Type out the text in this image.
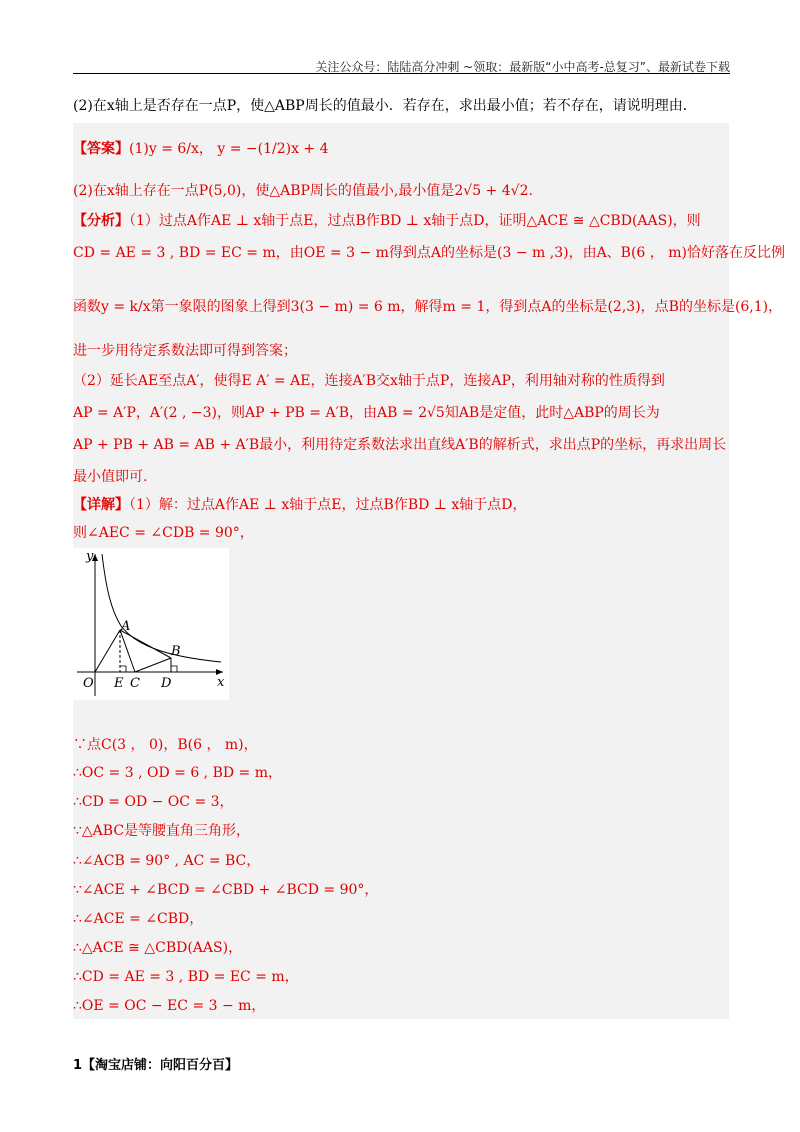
关注公众号：陆陆高分冲刺 ~领取：最新版“小中高考-总复习”、最新试卷下载
(2)在x轴上是否存在一点P，使△ABP周长的值最小．若存在，求出最小值；若不存在，请说明理由．
【答案】(1)y = 6/x， y = −(1/2)x + 4
(2)在x轴上存在一点P(5,0)，使△ABP周长的值最小,最小值是2√5 + 4√2.
【分析】（1）过点A作AE ⊥ x轴于点E，过点B作BD ⊥ x轴于点D，证明△ACE ≅ △CBD(AAS)，则
CD = AE = 3 , BD = EC = m，由OE = 3 − m得到点A的坐标是(3 − m ,3)，由A、B(6 ， m)恰好落在反比例
函数y = k/x第一象限的图象上得到3(3 − m) = 6 m，解得m = 1，得到点A的坐标是(2,3)，点B的坐标是(6,1)，
进一步用待定系数法即可得到答案；
（2）延长AE至点A′，使得E A′ = AE，连接A′B交x轴于点P，连接AP，利用轴对称的性质得到
AP = A′P，A′(2 , −3)，则AP + PB = A′B，由AB = 2√5知AB是定值，此时△ABP的周长为
AP + PB + AB = AB + A′B最小，利用待定系数法求出直线A′B的解析式，求出点P的坐标，再求出周长
最小值即可.
【详解】（1）解：过点A作AE ⊥ x轴于点E，过点B作BD ⊥ x轴于点D，
则∠AEC = ∠CDB = 90°，
y
x
O E C D
A
B
∵点C(3 ， 0)，B(6 ， m)，
∴OC = 3 , OD = 6 , BD = m，
∴CD = OD − OC = 3，
∵△ABC是等腰直角三角形，
∴∠ACB = 90° , AC = BC，
∵∠ACE + ∠BCD = ∠CBD + ∠BCD = 90°，
∴∠ACE = ∠CBD，
∴△ACE ≅ △CBD(AAS)，
∴CD = AE = 3 , BD = EC = m，
∴OE = OC − EC = 3 − m，
1【淘宝店铺：向阳百分百】
